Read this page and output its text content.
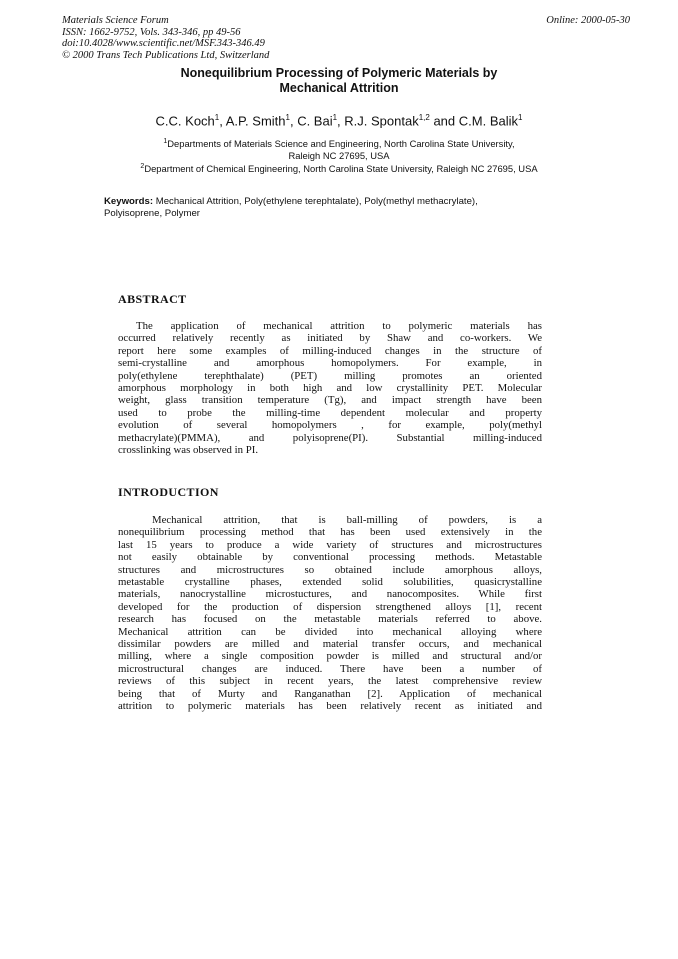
Materials Science Forum
ISSN: 1662-9752, Vols. 343-346, pp 49-56
doi:10.4028/www.scientific.net/MSF.343-346.49
© 2000 Trans Tech Publications Ltd, Switzerland
Online: 2000-05-30
Nonequilibrium Processing of Polymeric Materials by
Mechanical Attrition
C.C. Koch$^1$, A.P. Smith$^1$, C. Bai$^1$, R.J. Spontak$^{1,2}$ and C.M. Balik$^1$
$^1$Departments of Materials Science and Engineering, North Carolina State University,
Raleigh NC 27695, USA
$^2$Department of Chemical Engineering, North Carolina State University, Raleigh NC 27695, USA
Keywords: Mechanical Attrition, Poly(ethylene terephtalate), Poly(methyl methacrylate),
Polyisoprene, Polymer
ABSTRACT
The application of mechanical attrition to polymeric materials has
occurred relatively recently as initiated by Shaw and co-workers. We
report here some examples of milling-induced changes in the structure of
semi-crystalline and amorphous homopolymers. For example, in
poly(ethylene terephthalate) (PET) milling promotes an oriented
amorphous morphology in both high and low crystallinity PET. Molecular
weight, glass transition temperature (Tg), and impact strength have been
used to probe the milling-time dependent molecular and property
evolution of several homopolymers , for example, poly(methyl
methacrylate)(PMMA), and polyisoprene(PI). Substantial milling-induced
crosslinking was observed in PI.
INTRODUCTION
Mechanical attrition, that is ball-milling of powders, is a
nonequilibrium processing method that has been used extensively in the
last 15 years to produce a wide variety of structures and microstructures
not easily obtainable by conventional processing methods. Metastable
structures and microstructures so obtained include amorphous alloys,
metastable crystalline phases, extended solid solubilities, quasicrystalline
materials, nanocrystalline microstuctures, and nanocomposites. While first
developed for the production of dispersion strengthened alloys [1], recent
research has focused on the metastable materials referred to above.
Mechanical attrition can be divided into mechanical alloying where
dissimilar powders are milled and material transfer occurs, and mechanical
milling, where a single composition powder is milled and structural and/or
microstructural changes are induced. There have been a number of
reviews of this subject in recent years, the latest comprehensive review
being that of Murty and Ranganathan [2]. Application of mechanical
attrition to polymeric materials has been relatively recent as initiated and
